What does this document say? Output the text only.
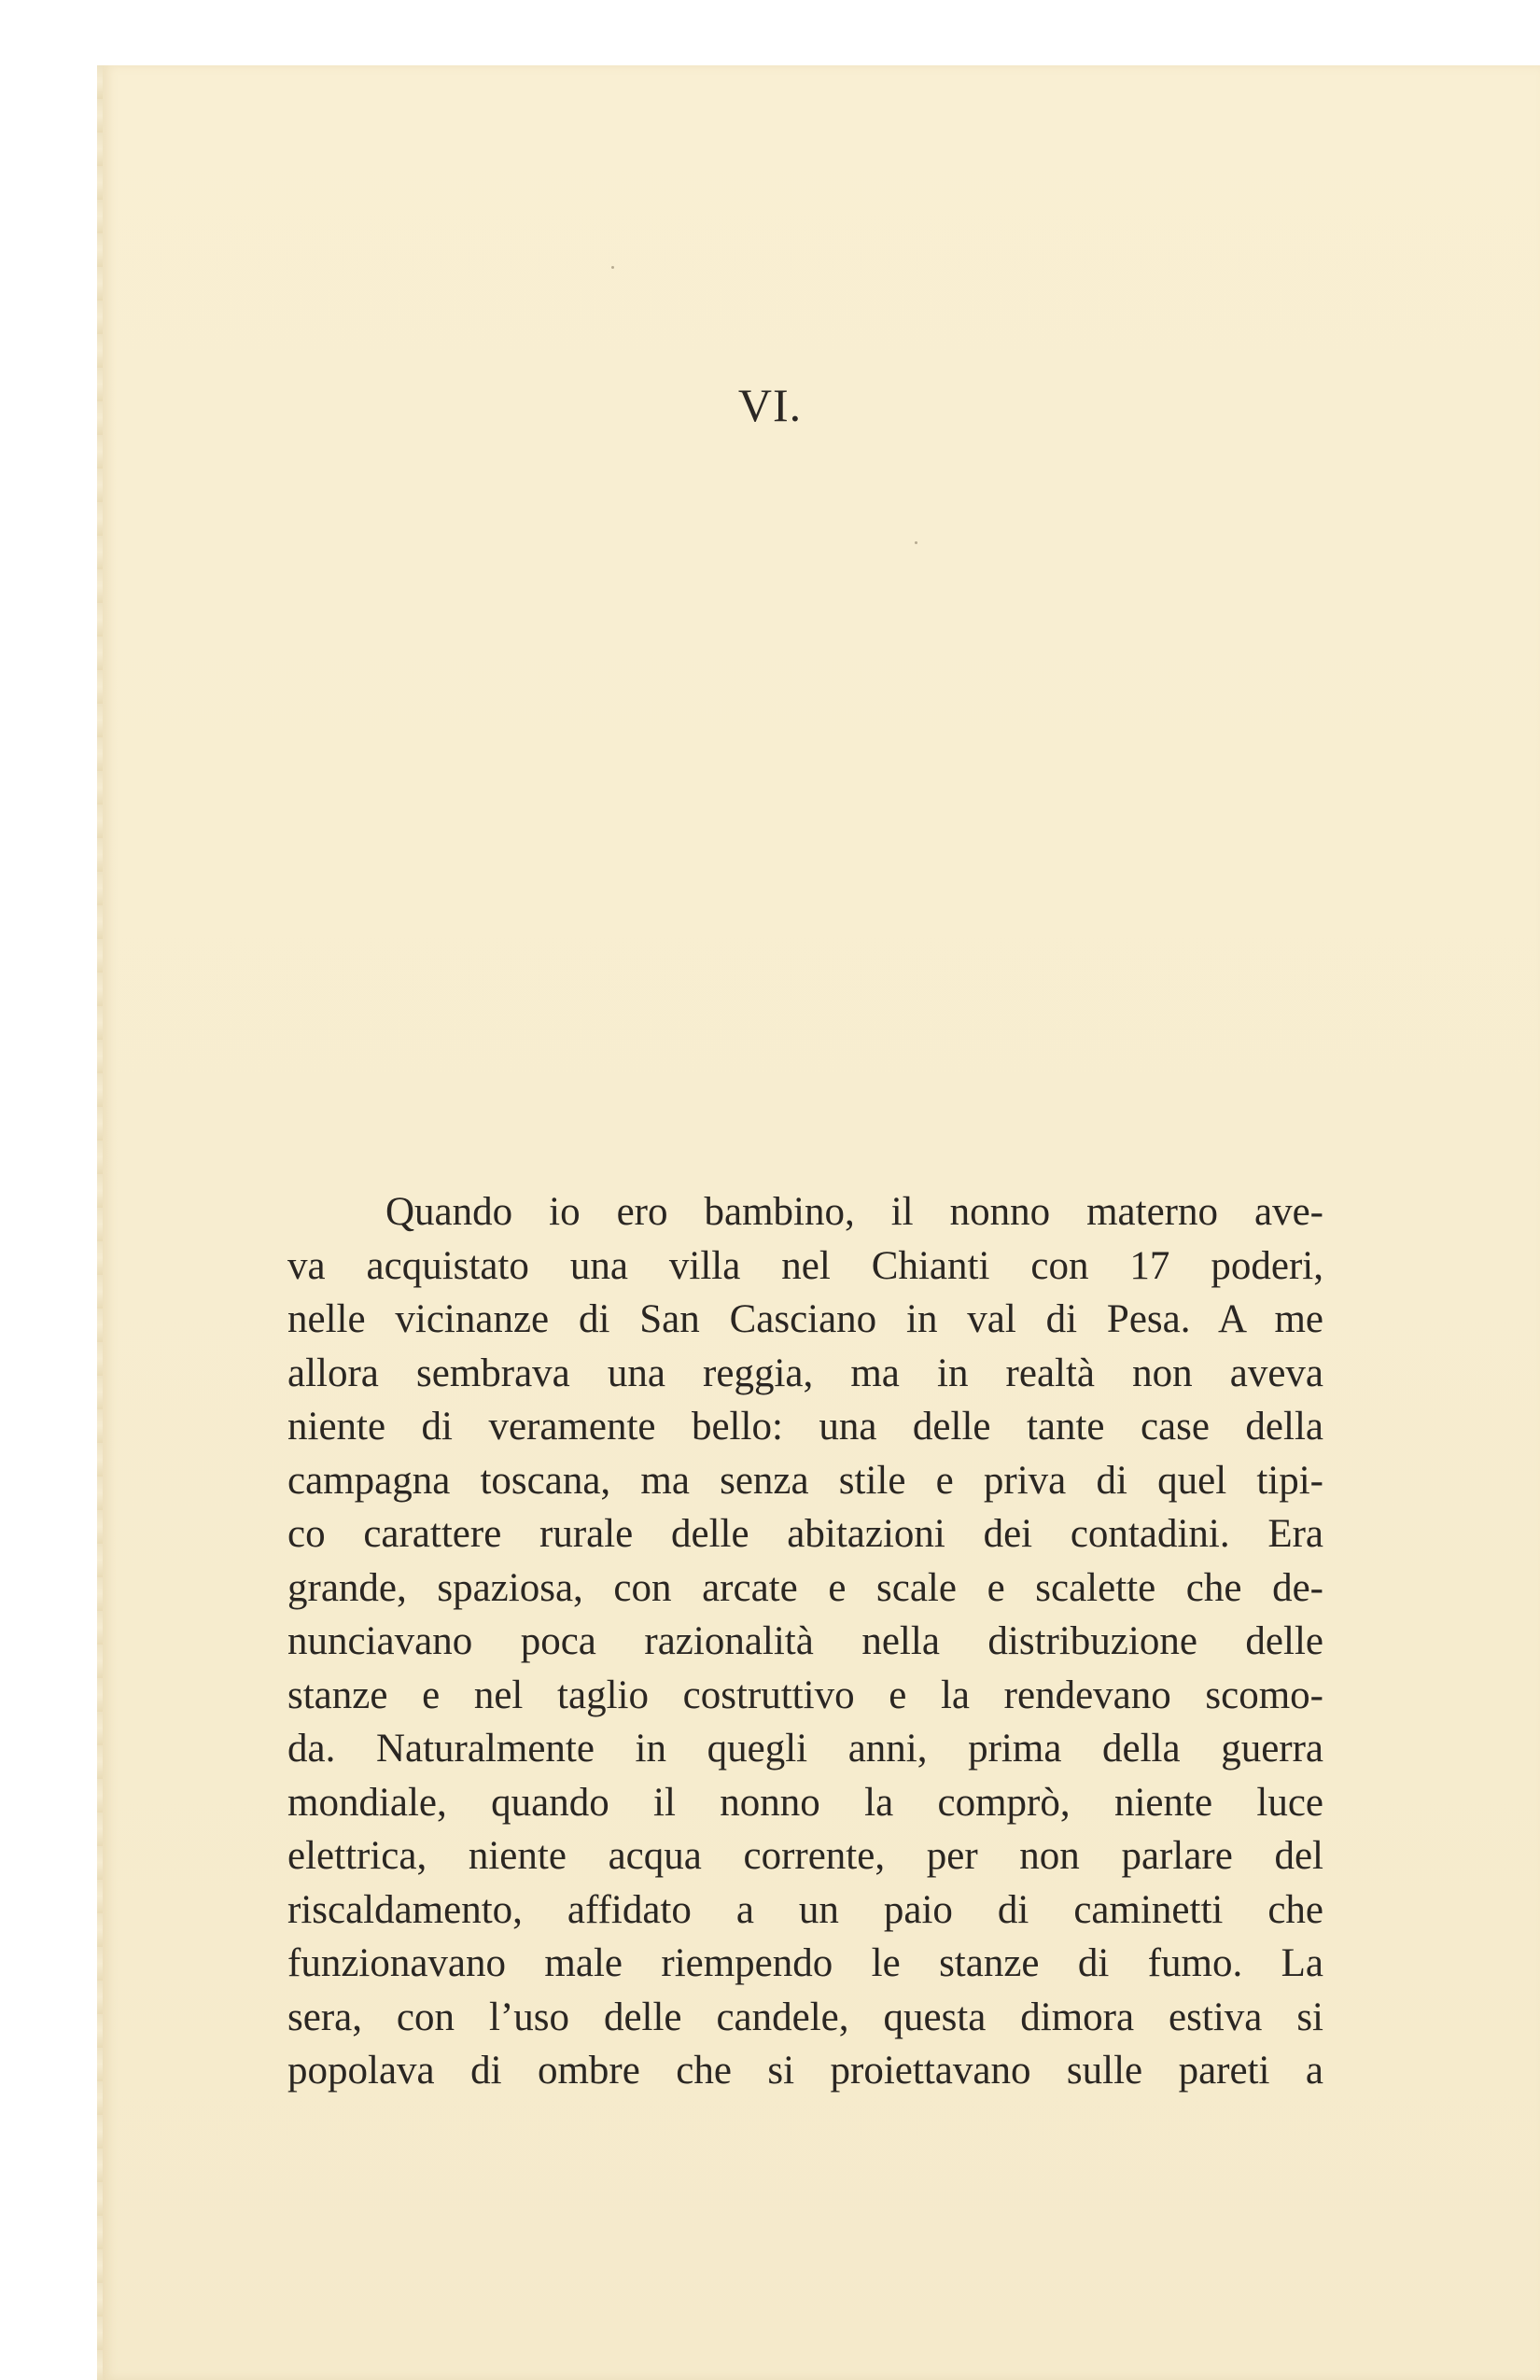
VI.
Quando io ero bambino, il nonno materno ave-
va acquistato una villa nel Chianti con 17 poderi,
nelle vicinanze di San Casciano in val di Pesa. A me
allora sembrava una reggia, ma in realtà non aveva
niente di veramente bello: una delle tante case della
campagna toscana, ma senza stile e priva di quel tipi-
co carattere rurale delle abitazioni dei contadini. Era
grande, spaziosa, con arcate e scale e scalette che de-
nunciavano poca razionalità nella distribuzione delle
stanze e nel taglio costruttivo e la rendevano scomo-
da. Naturalmente in quegli anni, prima della guerra
mondiale, quando il nonno la comprò, niente luce
elettrica, niente acqua corrente, per non parlare del
riscaldamento, affidato a un paio di caminetti che
funzionavano male riempendo le stanze di fumo. La
sera, con l’uso delle candele, questa dimora estiva si
popolava di ombre che si proiettavano sulle pareti a
